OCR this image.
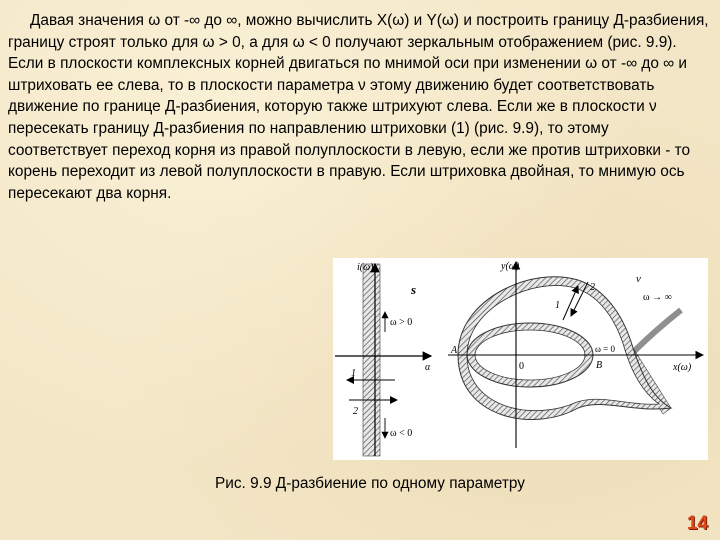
Давая значения ω от -∞ до ∞, можно вычислить X(ω) и Y(ω) и построить границу Д-разбиения, границу строят только для ω > 0, а для ω < 0 получают зеркальным отображением (рис. 9.9).

Если в плоскости комплексных корней двигаться по мнимой оси при изменении ω от -∞ до ∞ и штриховать ее слева, то в плоскости параметра ν этому движению будет соответствовать движение по границе Д-разбиения, которую также штрихуют слева. Если же в плоскости ν пересекать границу Д-разбиения по направлению штриховки (1) (рис. 9.9), то этому соответствует переход корня из правой полуплоскости в левую, если же против штриховки - то корень переходит из левой полуплоскости в правую. Если штриховка двойная, то мнимую ось пересекают два корня.

i(ω)
s
ω > 0
α
1
2
ω < 0
y(ω)
ν
ω → ∞
A
B
ω = 0
0	x(ω)
1
2
Рис. 9.9 Д-разбиение по одному параметру
14
